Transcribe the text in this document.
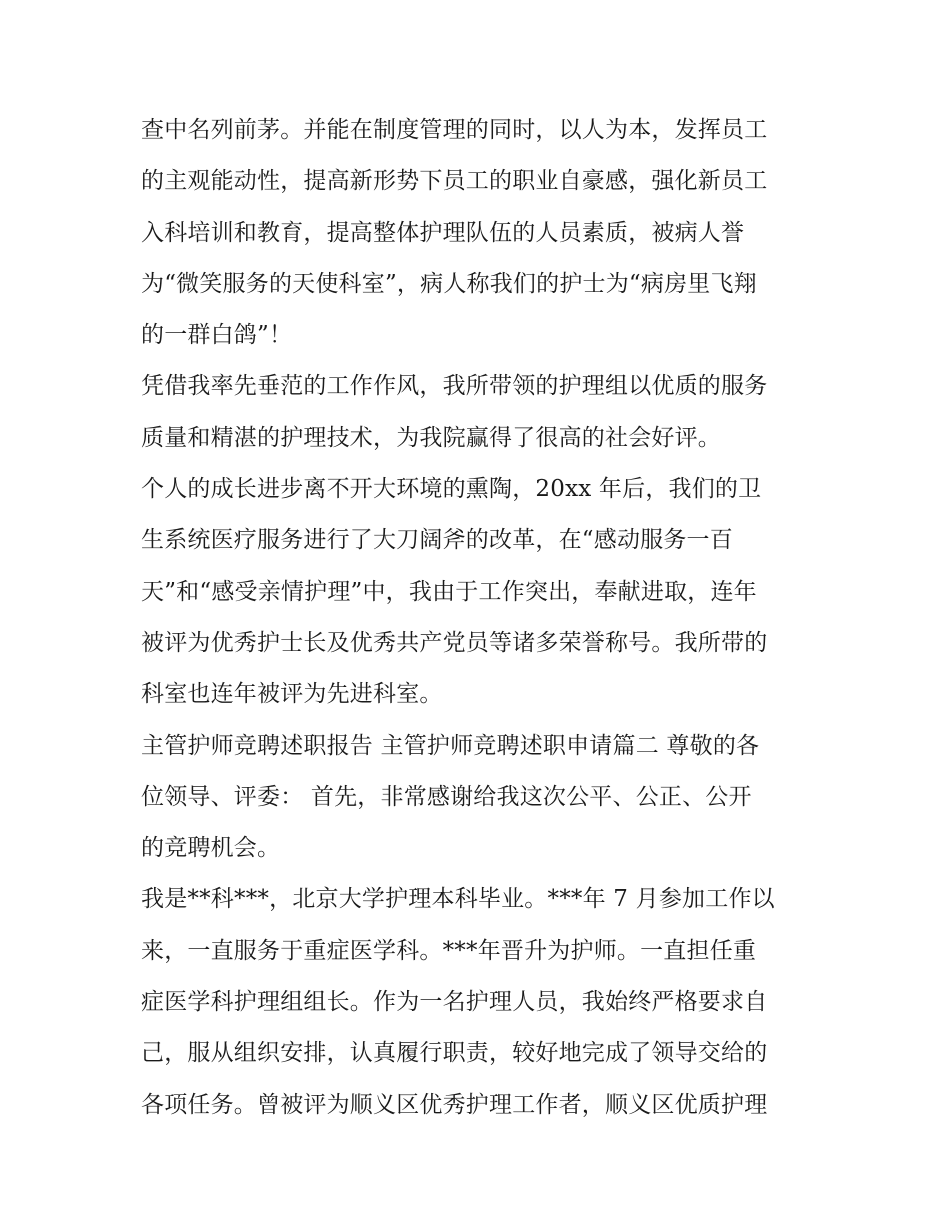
查中名列前茅。并能在制度管理的同时，以人为本，发挥员工
的主观能动性，提高新形势下员工的职业自豪感，强化新员工
入科培训和教育，提高整体护理队伍的人员素质，被病人誉
为“微笑服务的天使科室”，病人称我们的护士为“病房里飞翔
的一群白鸽”！
凭借我率先垂范的工作作风，我所带领的护理组以优质的服务
质量和精湛的护理技术，为我院赢得了很高的社会好评。
个人的成长进步离不开大环境的熏陶，20xx 年后，我们的卫
生系统医疗服务进行了大刀阔斧的改革，在“感动服务一百
天”和“感受亲情护理”中，我由于工作突出，奉献进取，连年
被评为优秀护士长及优秀共产党员等诸多荣誉称号。我所带的
科室也连年被评为先进科室。
主管护师竞聘述职报告 主管护师竞聘述职申请篇二 尊敬的各
位领导、评委： 首先，非常感谢给我这次公平、公正、公开
的竞聘机会。
我是**科***，北京大学护理本科毕业。***年 7 月参加工作以
来，一直服务于重症医学科。***年晋升为护师。一直担任重
症医学科护理组组长。作为一名护理人员，我始终严格要求自
己，服从组织安排，认真履行职责，较好地完成了领导交给的
各项任务。曾被评为顺义区优秀护理工作者，顺义区优质护理
